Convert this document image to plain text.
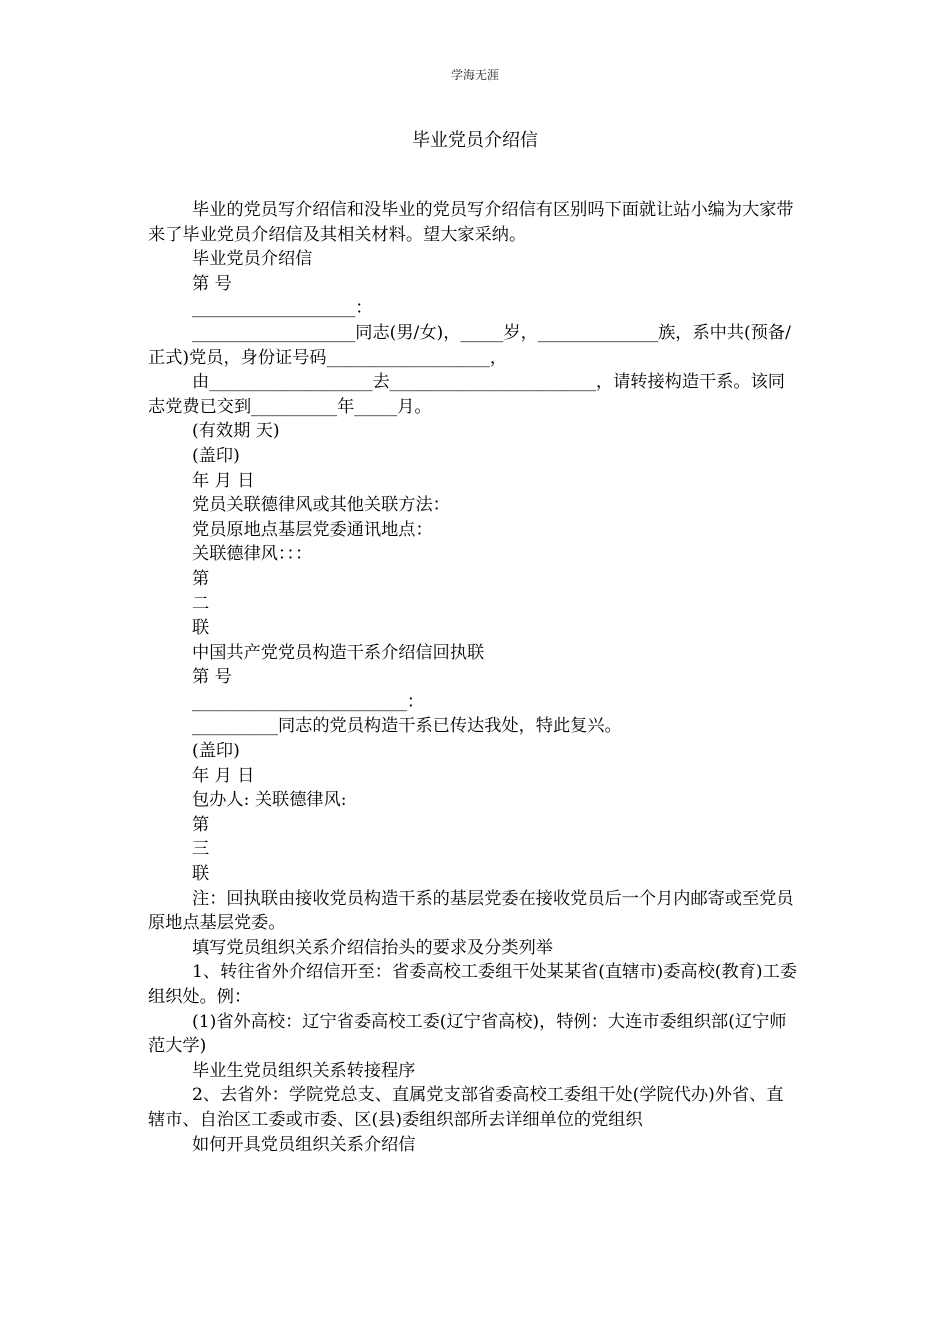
学海无涯
毕业党员介绍信

毕业的党员写介绍信和没毕业的党员写介绍信有区别吗下面就让站小编为大家带来了毕业党员介绍信及其相关材料。望大家采纳。

毕业党员介绍信

第 号

___________________：

___________________同志(男/女)，_____岁，______________族，系中共(预备/正式)党员，身份证号码___________________，

由___________________去________________________，请转接构造干系。该同志党费已交到__________年_____月。

(有效期 天)

(盖印)

年 月 日

党员关联德律风或其他关联方法：

党员原地点基层党委通讯地点：

关联德律风：：：

第

二

联

中国共产党党员构造干系介绍信回执联

第 号

_________________________：

__________同志的党员构造干系已传达我处，特此复兴。

(盖印)

年 月 日

包办人: 关联德律风:

第

三

联

注：回执联由接收党员构造干系的基层党委在接收党员后一个月内邮寄或至党员原地点基层党委。

填写党员组织关系介绍信抬头的要求及分类列举

1、转往省外介绍信开至：省委高校工委组干处某某省(直辖市)委高校(教育)工委组织处。例：

(1)省外高校：辽宁省委高校工委(辽宁省高校)，特例：大连市委组织部(辽宁师范大学)

毕业生党员组织关系转接程序

2、去省外：学院党总支、直属党支部省委高校工委组干处(学院代办)外省、直辖市、自治区工委或市委、区(县)委组织部所去详细单位的党组织

如何开具党员组织关系介绍信
